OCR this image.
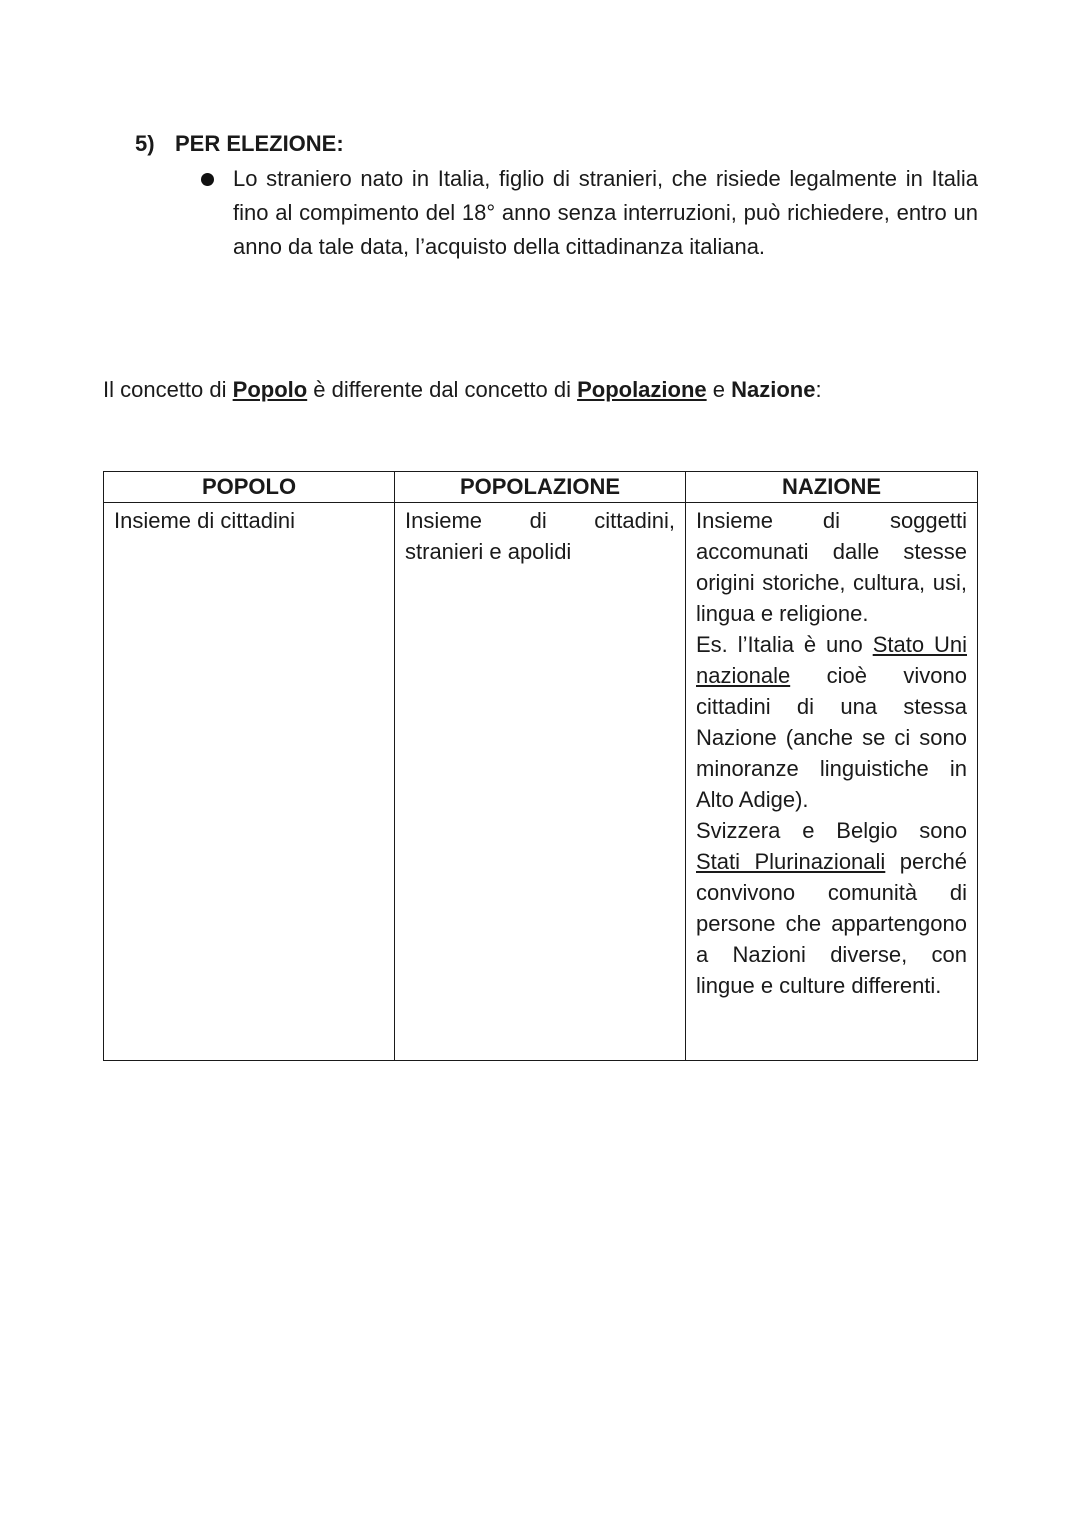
5) PER ELEZIONE:
Lo straniero nato in Italia, figlio di stranieri, che risiede legalmente in Italia fino al compimento del 18° anno senza interruzioni, può richiedere, entro un anno da tale data, l’acquisto della cittadinanza italiana.
Il concetto di Popolo è differente dal concetto di Popolazione e Nazione:
POPOLO	POPOLAZIONE	NAZIONE
Insieme di cittadini	Insieme di cittadini, stranieri e apolidi	Insieme di soggetti accomunati dalle stesse origini storiche, cultura, usi, lingua e religione.
Es. l’Italia è uno Stato Uni nazionale cioè vivono cittadini di una stessa Nazione (anche se ci sono minoranze linguistiche in Alto Adige).
Svizzera e Belgio sono Stati Plurinazionali perché convivono comunità di persone che appartengono a Nazioni diverse, con lingue e culture differenti.
